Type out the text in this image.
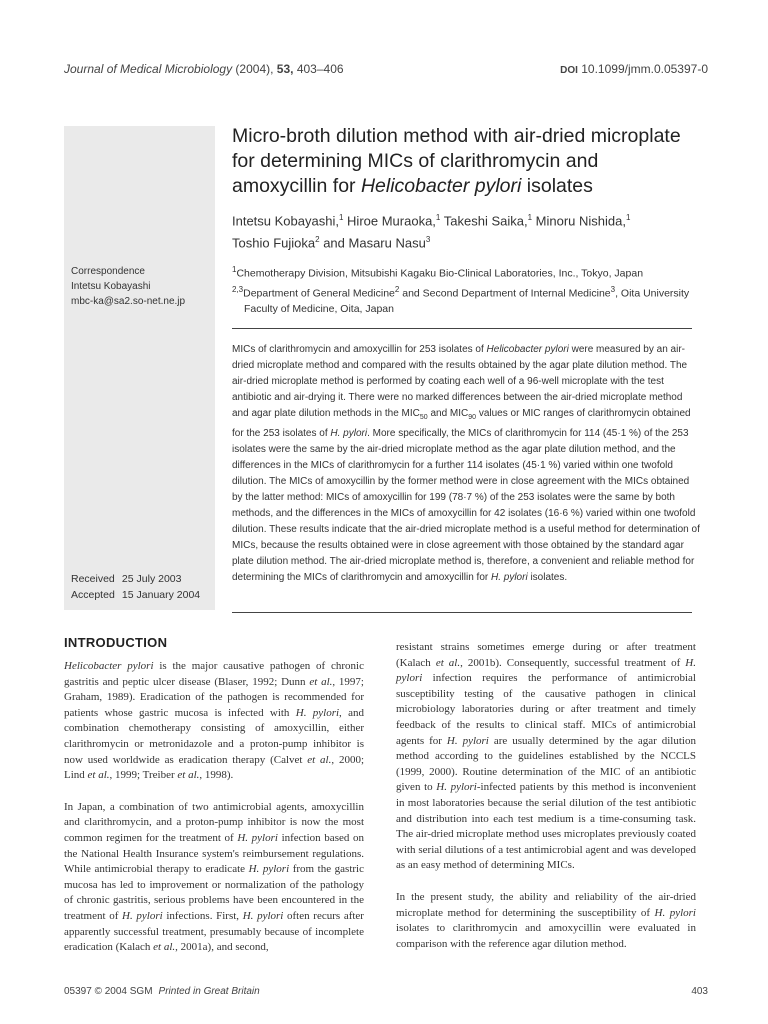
Journal of Medical Microbiology (2004), 53, 403–406	DOI 10.1099/jmm.0.05397-0
Correspondence
Intetsu Kobayashi
mbc-ka@sa2.so-net.ne.jp
Received 25 July 2003
Accepted 15 January 2004
Micro-broth dilution method with air-dried microplate
for determining MICs of clarithromycin and
amoxycillin for Helicobacter pylori isolates
Intetsu Kobayashi,$^1$ Hiroe Muraoka,$^1$ Takeshi Saika,$^1$ Minoru Nishida,$^1$
Toshio Fujioka$^2$ and Masaru Nasu$^3$
$^1$Chemotherapy Division, Mitsubishi Kagaku Bio-Clinical Laboratories, Inc., Tokyo, Japan
$^{2,3}$Department of General Medicine$^2$ and Second Department of Internal Medicine$^3$, Oita University
Faculty of Medicine, Oita, Japan

MICs of clarithromycin and amoxycillin for 253 isolates of Helicobacter pylori were measured by an air-dried microplate method and compared with the results obtained by the agar plate dilution method. The air-dried microplate method is performed by coating each well of a 96-well microplate with the test antibiotic and air-drying it. There were no marked differences between the air-dried microplate method and agar plate dilution methods in the $MIC_{50}$ and $MIC_{90}$ values or MIC ranges of clarithromycin obtained for the 253 isolates of H. pylori. More specifically, the MICs of clarithromycin for 114 (45·1 %) of the 253 isolates were the same by the air-dried microplate method as the agar plate dilution method, and the differences in the MICs of clarithromycin for a further 114 isolates (45·1 %) varied within one twofold dilution. The MICs of amoxycillin by the former method were in close agreement with the MICs obtained by the latter method: MICs of amoxycillin for 199 (78·7 %) of the 253 isolates were the same by both methods, and the differences in the MICs of amoxycillin for 42 isolates (16·6 %) varied within one twofold dilution. These results indicate that the air-dried microplate method is a useful method for determination of MICs, because the results obtained were in close agreement with those obtained by the standard agar plate dilution method. The air-dried microplate method is, therefore, a convenient and reliable method for determining the MICs of clarithromycin and amoxycillin for H. pylori isolates.

INTRODUCTION

Helicobacter pylori is the major causative pathogen of chronic gastritis and peptic ulcer disease (Blaser, 1992; Dunn et al., 1997; Graham, 1989). Eradication of the pathogen is recommended for patients whose gastric mucosa is infected with H. pylori, and combination chemotherapy consisting of amoxycillin, either clarithromycin or metronidazole and a proton-pump inhibitor is now used worldwide as eradication therapy (Calvet et al., 2000; Lind et al., 1999; Treiber et al., 1998).

In Japan, a combination of two antimicrobial agents, amoxycillin and clarithromycin, and a proton-pump inhibitor is now the most common regimen for the treatment of H. pylori infection based on the National Health Insurance system's reimbursement regulations. While antimicrobial therapy to eradicate H. pylori from the gastric mucosa has led to improvement or normalization of the pathology of chronic gastritis, serious problems have been encountered in the treatment of H. pylori infections. First, H. pylori often recurs after apparently successful treatment, presumably because of incomplete eradication (Kalach et al., 2001a), and second,

resistant strains sometimes emerge during or after treatment (Kalach et al., 2001b). Consequently, successful treatment of H. pylori infection requires the performance of antimicrobial susceptibility testing of the causative pathogen in clinical microbiology laboratories during or after treatment and timely feedback of the results to clinical staff. MICs of antimicrobial agents for H. pylori are usually determined by the agar dilution method according to the guidelines established by the NCCLS (1999, 2000). Routine determination of the MIC of an antibiotic given to H. pylori-infected patients by this method is inconvenient in most laboratories because the serial dilution of the test antibiotic and distribution into each test medium is a time-consuming task. The air-dried microplate method uses microplates previously coated with serial dilutions of a test antimicrobial agent and was developed as an easy method of determining MICs.

In the present study, the ability and reliability of the air-dried microplate method for determining the susceptibility of H. pylori isolates to clarithromycin and amoxycillin were evaluated in comparison with the reference agar dilution method.

05397 © 2004 SGM Printed in Great Britain	403
